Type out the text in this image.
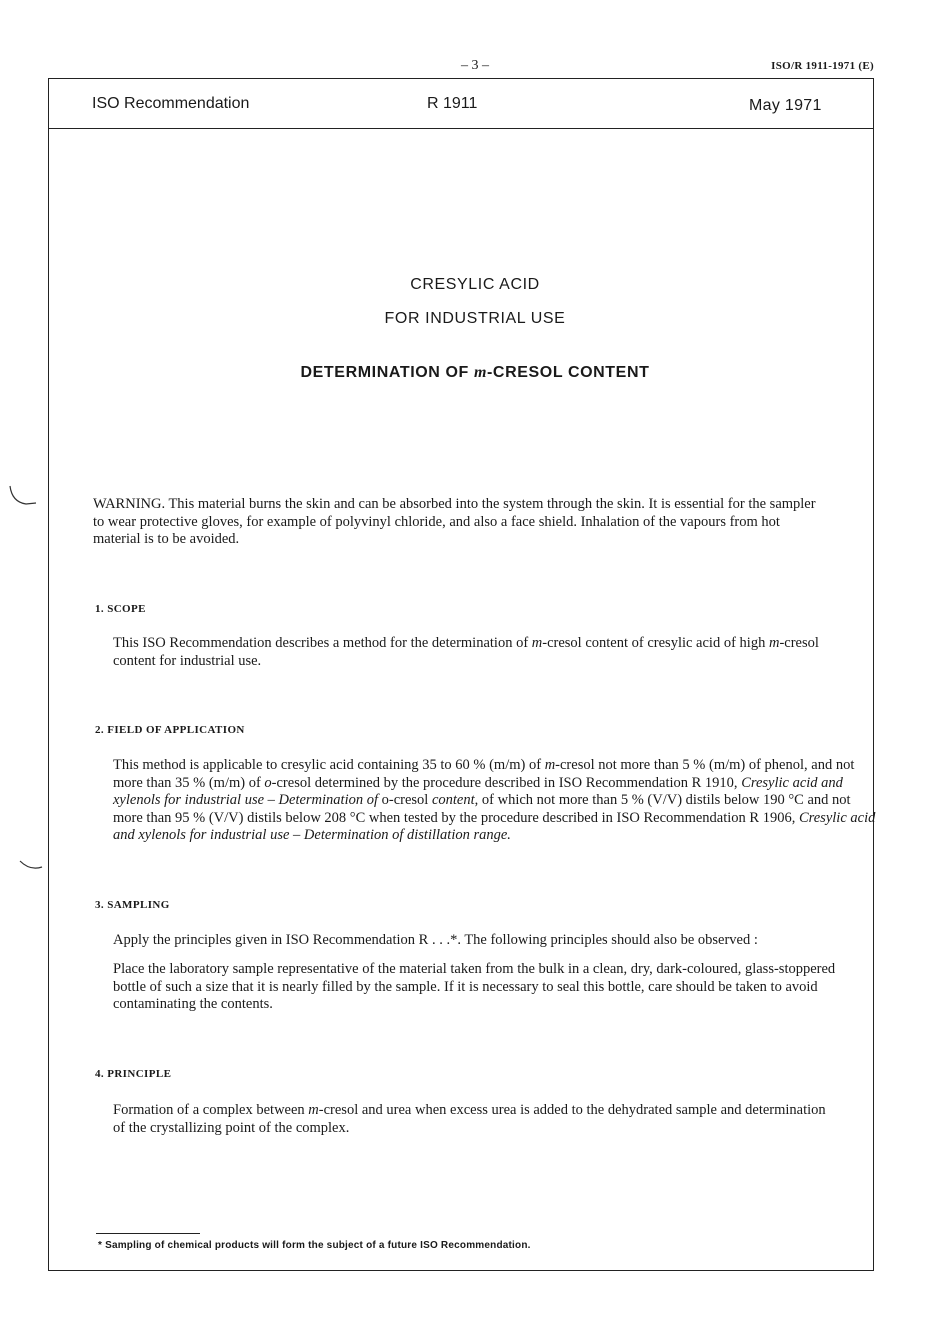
– 3 –	ISO/R 1911-1971 (E)
ISO Recommendation	R 1911	May 1971
CRESYLIC ACID
FOR INDUSTRIAL USE
DETERMINATION OF m-CRESOL CONTENT
WARNING. This material burns the skin and can be absorbed into the system through the skin. It is essential for the sampler to wear protective gloves, for example of polyvinyl chloride, and also a face shield. Inhalation of the vapours from hot material is to be avoided.
1. SCOPE
This ISO Recommendation describes a method for the determination of m-cresol content of cresylic acid of high m-cresol content for industrial use.
2. FIELD OF APPLICATION
This method is applicable to cresylic acid containing 35 to 60 % (m/m) of m-cresol not more than 5 % (m/m) of phenol, and not more than 35 % (m/m) of o-cresol determined by the procedure described in ISO Recommendation R 1910, Cresylic acid and xylenols for industrial use – Determination of o-cresol content, of which not more than 5 % (V/V) distils below 190 °C and not more than 95 % (V/V) distils below 208 °C when tested by the procedure described in ISO Recommendation R 1906, Cresylic acid and xylenols for industrial use – Determination of distillation range.
3. SAMPLING
Apply the principles given in ISO Recommendation R . . .*. The following principles should also be observed :
Place the laboratory sample representative of the material taken from the bulk in a clean, dry, dark-coloured, glass-stoppered bottle of such a size that it is nearly filled by the sample. If it is necessary to seal this bottle, care should be taken to avoid contaminating the contents.
4. PRINCIPLE
Formation of a complex between m-cresol and urea when excess urea is added to the dehydrated sample and determination of the crystallizing point of the complex.
* Sampling of chemical products will form the subject of a future ISO Recommendation.
